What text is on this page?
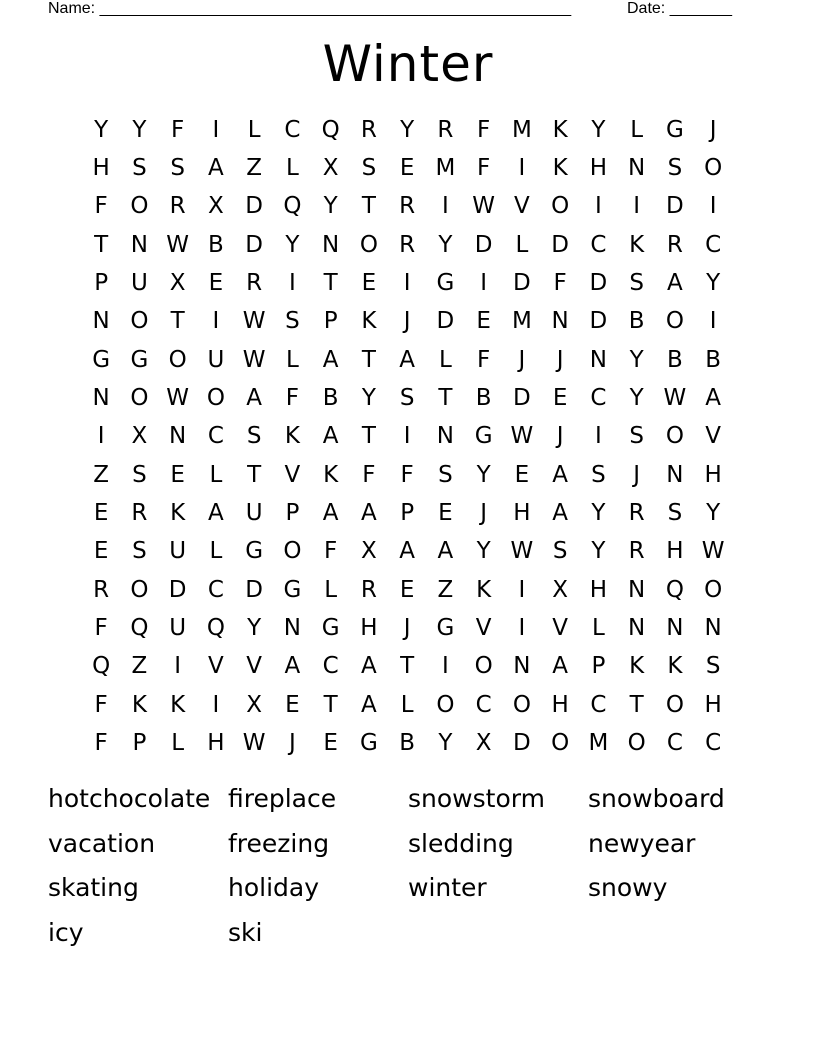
Name: _____________________________________________________	Date: _______
Winter
Y	Y	F	I	L	C Q R	Y	R	F M K	Y	L G	J
H S	S	A Z	L	X	S	E M F	I	K H N S O
F O R X D Q Y	T	R	I	W V O	I	I	D	I
T N W B D Y N O R	Y D L D C K R C
P U X	E R	I	T	E	I	G	I	D F D S	A	Y
N O T	I	W S	P	K	J	D E M N D B O	I
G G O U W L	A	T	A	L	F	J	J	N Y	B B
N O W O A	F	B	Y	S	T	B D E C	Y W A
I	X N C S	K A	T	I	N G W	J	I	S O V
Z	S	E	L	T	V K	F	F	S	Y	E	A	S	J	N H
E R K A U P	A A	P	E	J	H A	Y	R S	Y
E	S U	L G O F	X A A	Y W S	Y	R H W
R O D C D G L	R E	Z K	I	X H N Q O
F Q U Q Y N G H	J	G V	I	V	L	N N N
Q Z	I	V V A C A	T	I	O N A	P	K	K	S
F	K	K	I	X	E	T	A	L O C O H C	T O H
F	P	L	H W	J	E G B	Y	X D O M O C C
hotchocolate fireplace	snowstorm	snowboard
vacation	freezing	sledding	newyear
skating	holiday	winter	snowy
icy	ski
